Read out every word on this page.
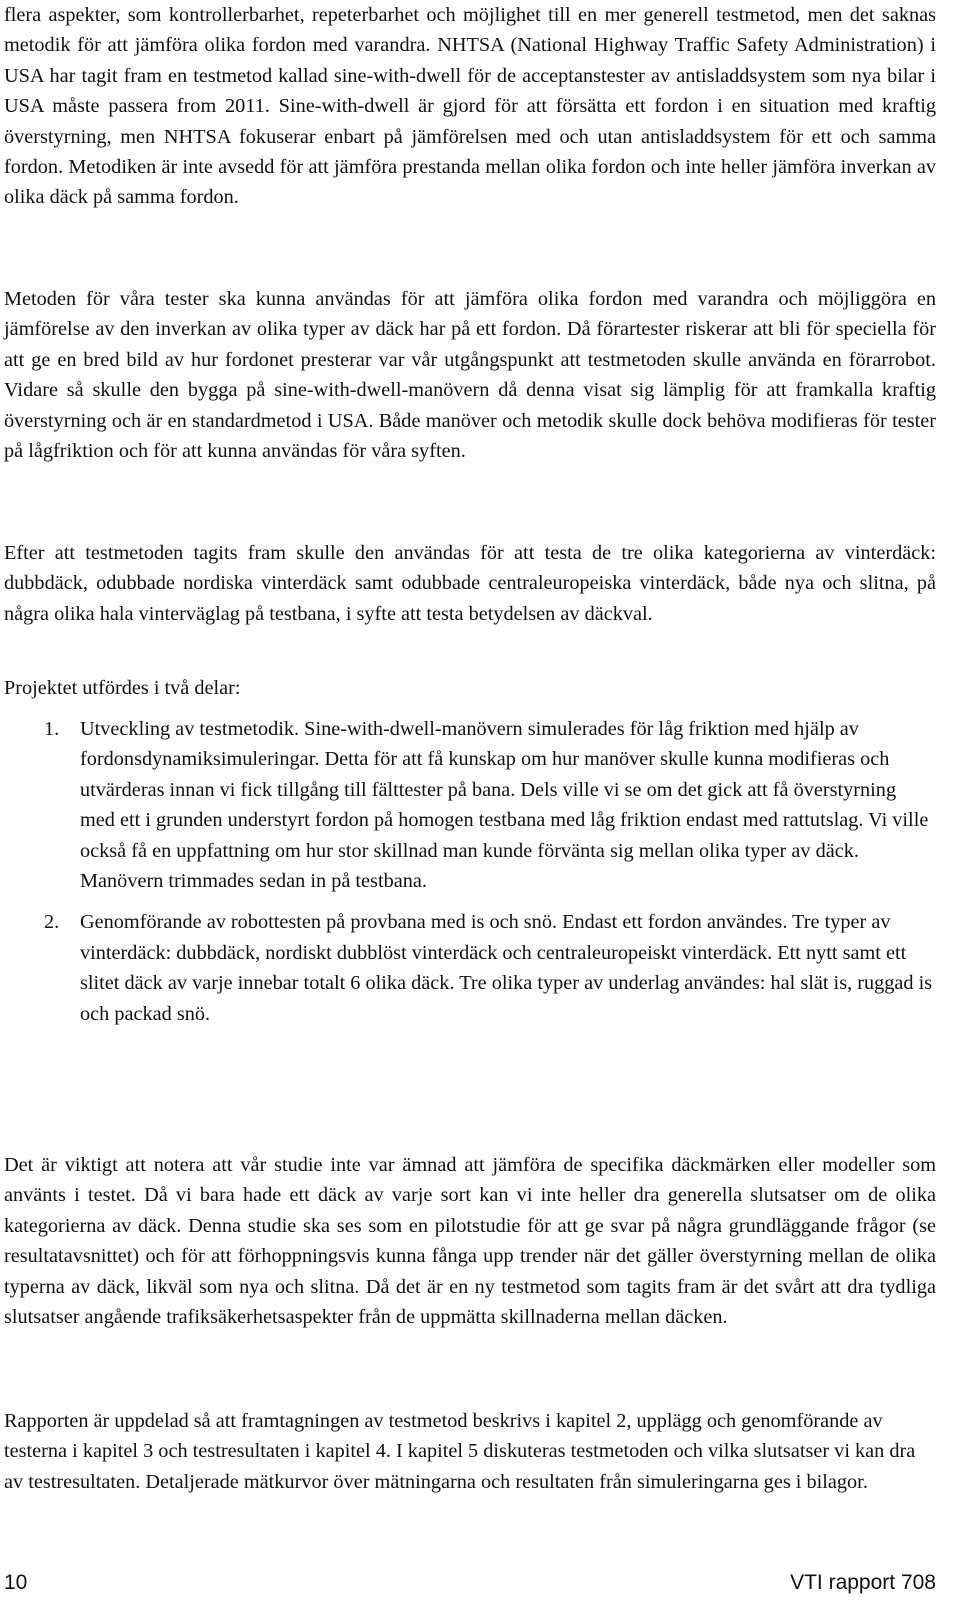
flera aspekter, som kontrollerbarhet, repeterbarhet och möjlighet till en mer generell testmetod, men det saknas metodik för att jämföra olika fordon med varandra. NHTSA (National Highway Traffic Safety Administration) i USA har tagit fram en testmetod kallad sine-with-dwell för de acceptanstester av antisladdsystem som nya bilar i USA måste passera from 2011. Sine-with-dwell är gjord för att försätta ett fordon i en situation med kraftig överstyrning, men NHTSA fokuserar enbart på jämförelsen med och utan antisladdsystem för ett och samma fordon. Metodiken är inte avsedd för att jämföra prestanda mellan olika fordon och inte heller jämföra inverkan av olika däck på samma fordon.

Metoden för våra tester ska kunna användas för att jämföra olika fordon med varandra och möjliggöra en jämförelse av den inverkan av olika typer av däck har på ett fordon. Då förartester riskerar att bli för speciella för att ge en bred bild av hur fordonet presterar var vår utgångspunkt att testmetoden skulle använda en förarrobot. Vidare så skulle den bygga på sine-with-dwell-manövern då denna visat sig lämplig för att framkalla kraftig överstyrning och är en standardmetod i USA. Både manöver och metodik skulle dock behöva modifieras för tester på lågfriktion och för att kunna användas för våra syften.

Efter att testmetoden tagits fram skulle den användas för att testa de tre olika kategorierna av vinterdäck: dubbdäck, odubbade nordiska vinterdäck samt odubbade centraleuropeiska vinterdäck, både nya och slitna, på några olika hala vinterväglag på testbana, i syfte att testa betydelsen av däckval.

Projektet utfördes i två delar:

1. Utveckling av testmetodik. Sine-with-dwell-manövern simulerades för låg friktion med hjälp av fordonsdynamiksimuleringar. Detta för att få kunskap om hur manöver skulle kunna modifieras och utvärderas innan vi fick tillgång till fälttester på bana. Dels ville vi se om det gick att få överstyrning med ett i grunden understyrt fordon på homogen testbana med låg friktion endast med rattutslag. Vi ville också få en uppfattning om hur stor skillnad man kunde förvänta sig mellan olika typer av däck. Manövern trimmades sedan in på testbana.
2. Genomförande av robottesten på provbana med is och snö. Endast ett fordon användes. Tre typer av vinterdäck: dubbdäck, nordiskt dubblöst vinterdäck och centraleuropeiskt vinterdäck. Ett nytt samt ett slitet däck av varje innebar totalt 6 olika däck. Tre olika typer av underlag användes: hal slät is, ruggad is och packad snö.

Det är viktigt att notera att vår studie inte var ämnad att jämföra de specifika däckmärken eller modeller som använts i testet. Då vi bara hade ett däck av varje sort kan vi inte heller dra generella slutsatser om de olika kategorierna av däck. Denna studie ska ses som en pilotstudie för att ge svar på några grundläggande frågor (se resultatavsnittet) och för att förhoppningsvis kunna fånga upp trender när det gäller överstyrning mellan de olika typerna av däck, likväl som nya och slitna. Då det är en ny testmetod som tagits fram är det svårt att dra tydliga slutsatser angående trafiksäkerhetsaspekter från de uppmätta skillnaderna mellan däcken.

Rapporten är uppdelad så att framtagningen av testmetod beskrivs i kapitel 2, upplägg och genomförande av testerna i kapitel 3 och testresultaten i kapitel 4. I kapitel 5 diskuteras testmetoden och vilka slutsatser vi kan dra av testresultaten. Detaljerade mätkurvor över mätningarna och resultaten från simuleringarna ges i bilagor.

10	VTI rapport 708
